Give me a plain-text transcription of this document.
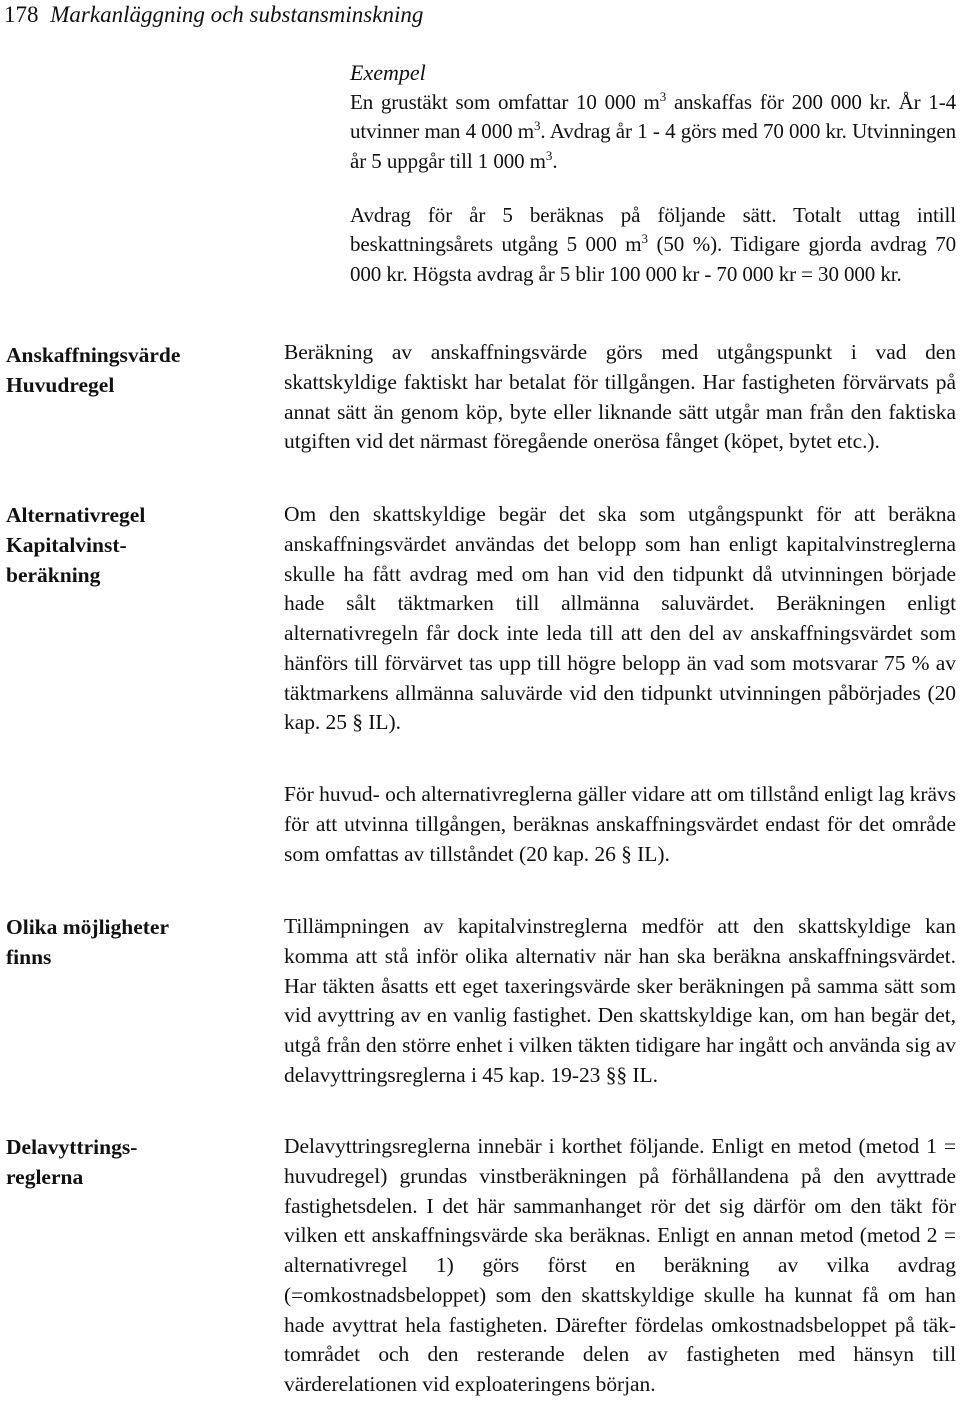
178 Markanläggning och substansminskning
Exempel
En grustäkt som omfattar 10 000 $m^3$ anskaffas för 200 000 kr. År 1-4 utvinner man 4 000 $m^3$. Avdrag år 1 - 4 görs med 70 000 kr. Utvinningen år 5 uppgår till 1 000 $m^3$.
Avdrag för år 5 beräknas på följande sätt. Totalt uttag intill beskattningsårets utgång 5 000 $m^3$ (50 %). Tidigare gjorda avdrag 70 000 kr. Högsta avdrag år 5 blir 100 000 kr - 70 000 kr = 30 000 kr.
Anskaffningsvärde
Huvudregel
Alternativregel
Kapitalvinst-
beräkning
Olika möjligheter
finns
Delavyttrings-
reglerna
Beräkning av anskaffningsvärde görs med utgångspunkt i vad den skattskyldige faktiskt har betalat för tillgången. Har fastigheten förvärvats på annat sätt än genom köp, byte eller liknande sätt utgår man från den faktiska utgiften vid det närmast föregående onerösa fånget (köpet, bytet etc.).
Om den skattskyldige begär det ska som utgångspunkt för att beräkna anskaffningsvärdet användas det belopp som han enligt kapitalvinstreglerna skulle ha fått avdrag med om han vid den tidpunkt då utvinningen började hade sålt täktmarken till allmänna saluvärdet. Beräkningen enligt alternativregeln får dock inte leda till att den del av anskaffningsvärdet som hänförs till förvärvet tas upp till högre belopp än vad som motsvarar 75 % av täktmarkens allmänna saluvärde vid den tidpunkt utvinningen påbörjades (20 kap. 25 § IL).
För huvud- och alternativreglerna gäller vidare att om tillstånd enligt lag krävs för att utvinna tillgången, beräknas anskaffningsvärdet endast för det område som omfattas av tillståndet (20 kap. 26 § IL).
Tillämpningen av kapitalvinstreglerna medför att den skattskyldige kan komma att stå inför olika alternativ när han ska beräkna anskaffningsvärdet. Har täkten åsatts ett eget taxeringsvärde sker beräkningen på samma sätt som vid avyttring av en vanlig fastighet. Den skattskyldige kan, om han begär det, utgå från den större enhet i vilken täkten tidigare har ingått och använda sig av delavyttringsreglerna i 45 kap. 19-23 §§ IL.
Delavyttringsreglerna innebär i korthet följande. Enligt en metod (metod 1 = huvudregel) grundas vinstberäkningen på förhållandena på den avyttrade fastighetsdelen. I det här sammanhanget rör det sig därför om den täkt för vilken ett anskaffningsvärde ska beräknas. Enligt en annan metod (metod 2 = alternativregel 1) görs först en beräkning av vilka avdrag (=omkostnadsbeloppet) som den skattskyldige skulle ha kunnat få om han hade avyttrat hela fastigheten. Därefter fördelas omkostnadsbeloppet på täktområdet och den resterande delen av fastigheten med hänsyn till värderelationen vid exploateringens början.
